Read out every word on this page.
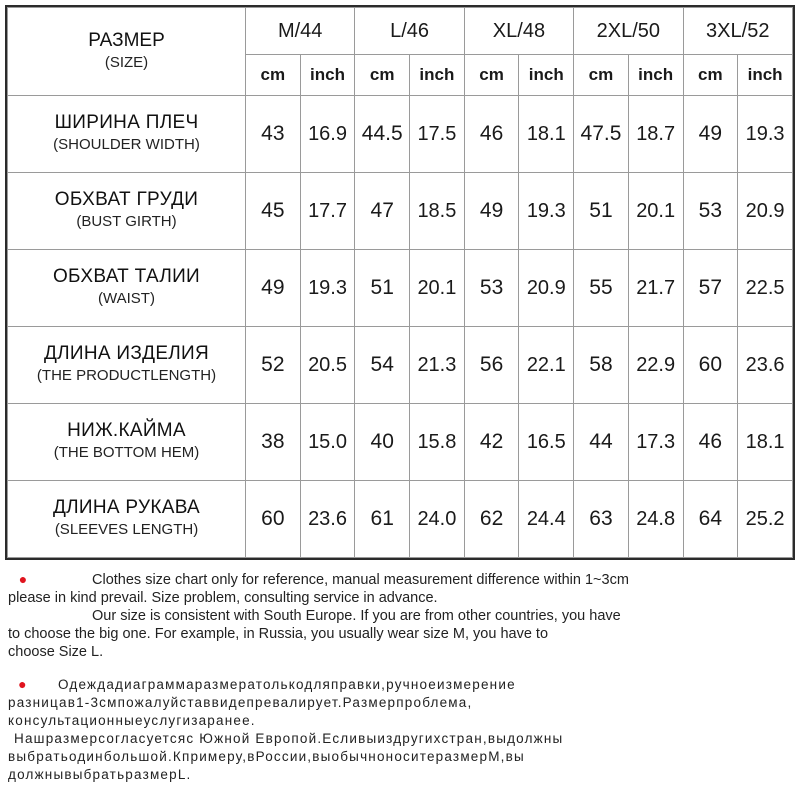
РАЗМЕР
(SIZE)	M/44		L/46		XL/48		2XL/50		3XL/52	
	cm	inch	cm	inch	cm	inch	cm	inch	cm	inch

ШИРИНА ПЛЕЧ
(SHOULDER WIDTH)	43	16.9	44.5	17.5	46	18.1	47.5	18.7	49	19.3

ОБХВАТ ГРУДИ
(BUST GIRTH)	45	17.7	47	18.5	49	19.3	51	20.1	53	20.9

ОБХВАТ ТАЛИИ
(WAIST)	49	19.3	51	20.1	53	20.9	55	21.7	57	22.5

ДЛИНА ИЗДЕЛИЯ
(THE PRODUCTLENGTH)	52	20.5	54	21.3	56	22.1	58	22.9	60	23.6

НИЖ.КАЙМА
(THE BOTTOM HEM)	38	15.0	40	15.8	42	16.5	44	17.3	46	18.1

ДЛИНА РУКАВА
(SLEEVES LENGTH)	60	23.6	61	24.0	62	24.4	63	24.8	64	25.2
●	Clothes size chart only for reference, manual measurement difference within 1~3cm
please in kind prevail. Size problem, consulting service in advance.
Our size is consistent with South Europe. If you are from other countries, you have
to choose the big one. For example, in Russia, you usually wear size M, you have to
choose Size L.
● Одеждадиаграммаразмератолькодляправки,ручноеизмерение
разницав1-3смпожалуйставвидепревалирует.Размерпроблема,
консультационныеуслугизаранее.
Нашразмерсогласуетсяс Южной Европой.Есливыиздругихстран,выдолжны
выбратьодинбольшой.Кпримеру,вРоссии,выобычноноситеразмерM,вы
должнывыбратьразмерL.
